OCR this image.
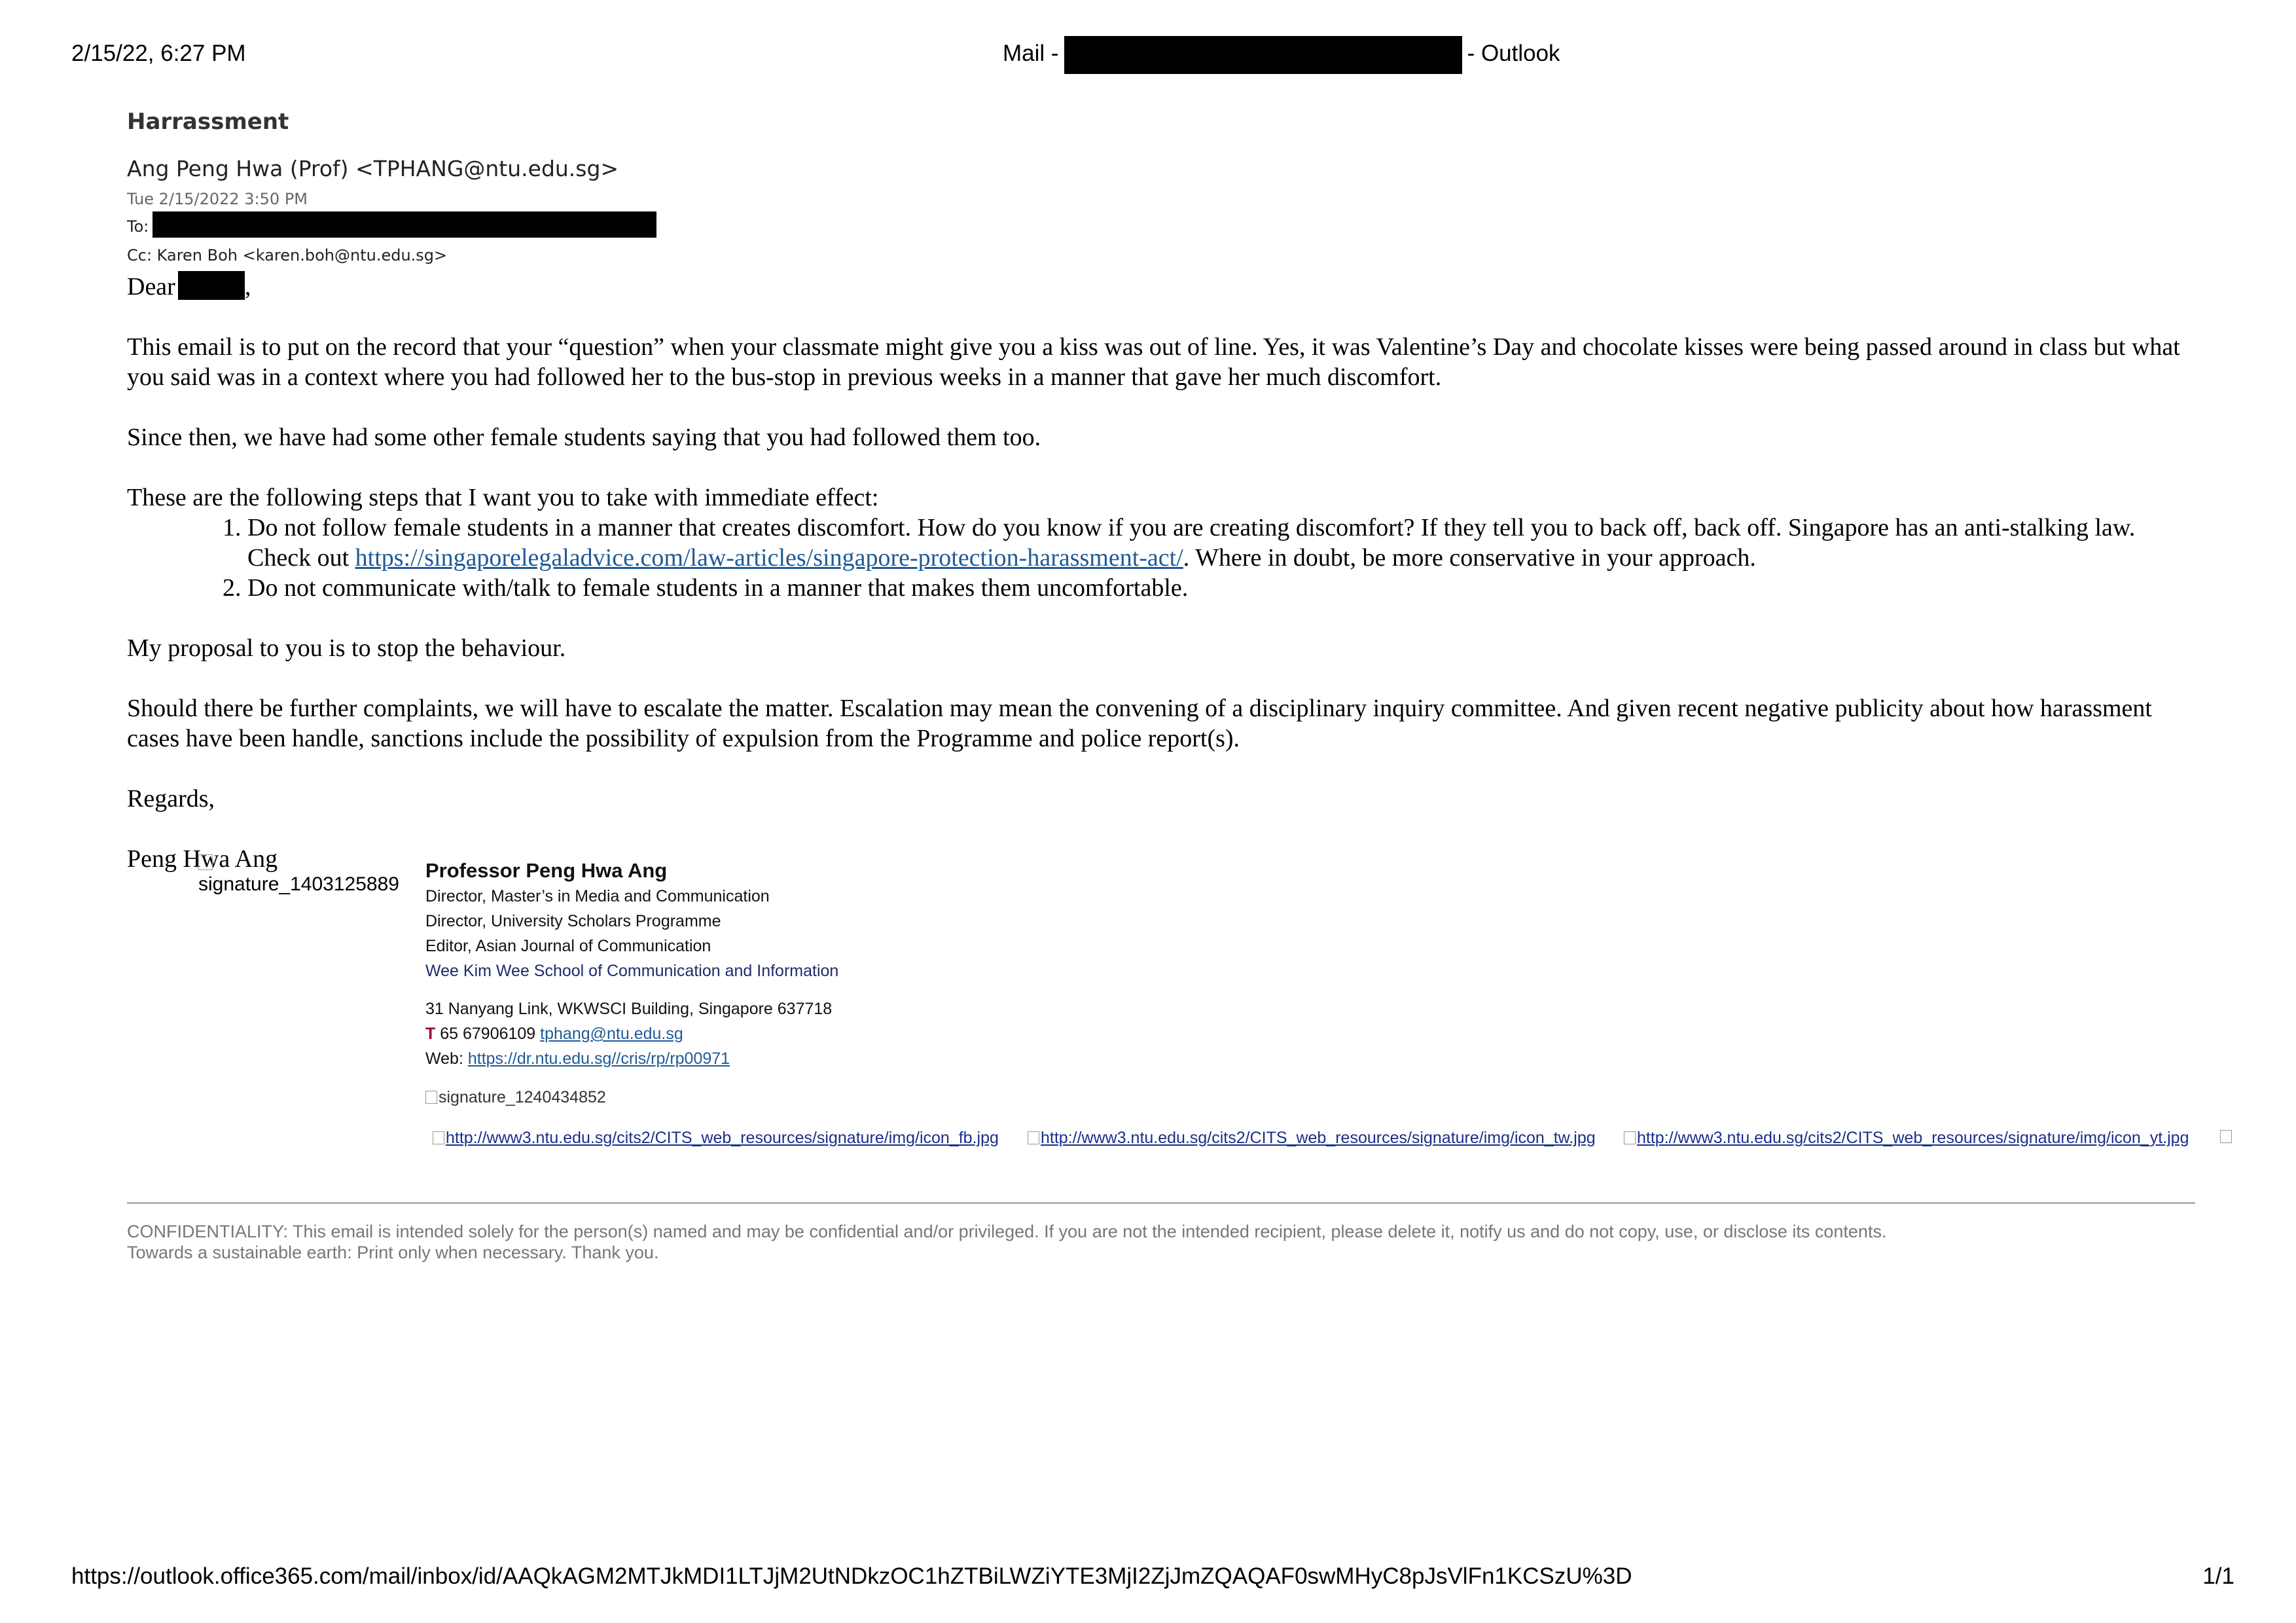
2/15/22, 6:27 PM	Mail -	- Outlook
Harrassment
Ang Peng Hwa (Prof) <TPHANG@ntu.edu.sg>
Tue 2/15/2022 3:50 PM
To:
Cc: Karen Boh <karen.boh@ntu.edu.sg>

Dear	,

This email is to put on the record that your “question” when your classmate might give you a kiss was out of line. Yes, it was Valentine’s Day and chocolate kisses were being passed around in class but what you said was in a context where you had followed her to the bus-stop in previous weeks in a manner that gave her much discomfort.

Since then, we have had some other female students saying that you had followed them too.

These are the following steps that I want you to take with immediate effect:
1. Do not follow female students in a manner that creates discomfort. How do you know if you are creating discomfort? If they tell you to back off, back off. Singapore has an anti-stalking law. Check out https://singaporelegaladvice.com/law-articles/singapore-protection-harassment-act/. Where in doubt, be more conservative in your approach.
2. Do not communicate with/talk to female students in a manner that makes them uncomfortable.

My proposal to you is to stop the behaviour.

Should there be further complaints, we will have to escalate the matter. Escalation may mean the convening of a disciplinary inquiry committee. And given recent negative publicity about how harassment cases have been handle, sanctions include the possibility of expulsion from the Programme and police report(s).

Regards,

Peng Hwa Ang

signature_1403125889
Professor Peng Hwa Ang
Director, Master’s in Media and Communication
Director, University Scholars Programme
Editor, Asian Journal of Communication
Wee Kim Wee School of Communication and Information
31 Nanyang Link, WKWSCI Building, Singapore 637718
T 65 67906109 tphang@ntu.edu.sg
Web: https://dr.ntu.edu.sg//cris/rp/rp00971
signature_1240434852
http://www3.ntu.edu.sg/cits2/CITS_web_resources/signature/img/icon_fb.jpg	http://www3.ntu.edu.sg/cits2/CITS_web_resources/signature/img/icon_tw.jpg	http://www3.ntu.edu.sg/cits2/CITS_web_resources/signature/img/icon_yt.jpg
CONFIDENTIALITY: This email is intended solely for the person(s) named and may be confidential and/or privileged. If you are not the intended recipient, please delete it, notify us and do not copy, use, or disclose its contents.
Towards a sustainable earth: Print only when necessary. Thank you.
https://outlook.office365.com/mail/inbox/id/AAQkAGM2MTJkMDI1LTJjM2UtNDkzOC1hZTBiLWZiYTE3MjI2ZjJmZQAQAF0swMHyC8pJsVlFn1KCSzU%3D	1/1
